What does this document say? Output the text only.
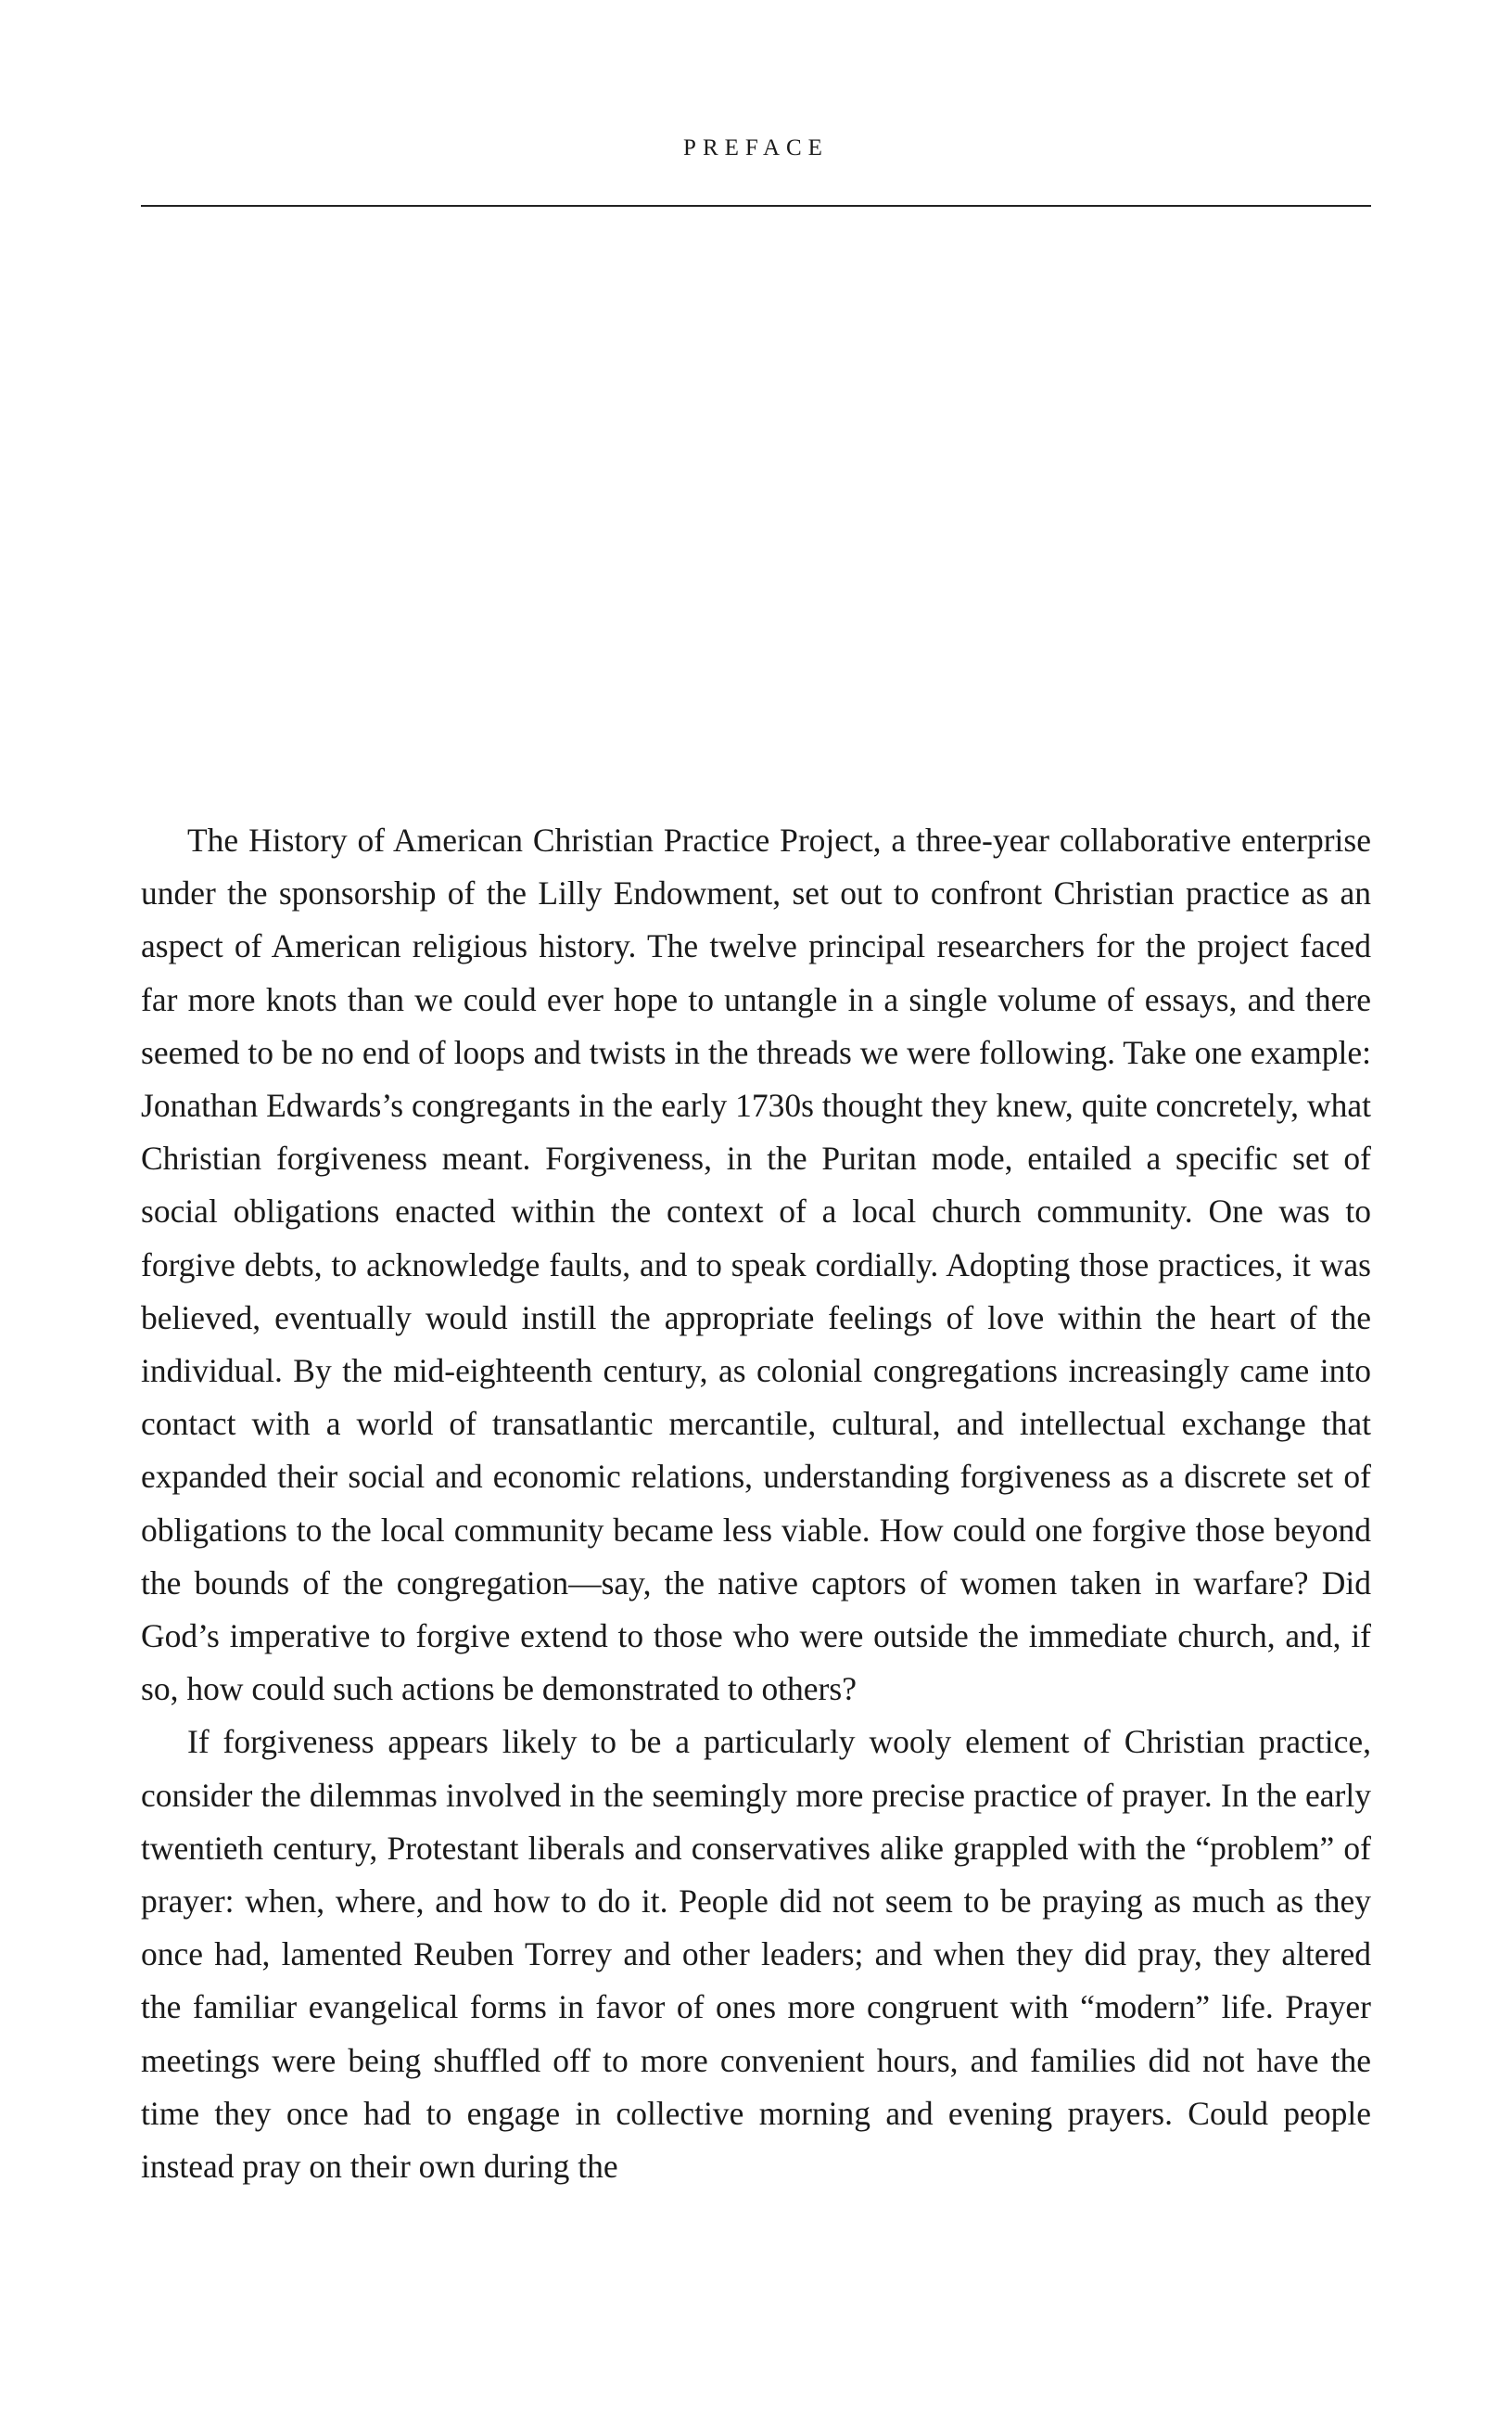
PREFACE

The History of American Christian Practice Project, a three-year collaborative enterprise under the sponsorship of the Lilly Endowment, set out to confront Christian practice as an aspect of American religious history. The twelve principal researchers for the project faced far more knots than we could ever hope to untangle in a single volume of essays, and there seemed to be no end of loops and twists in the threads we were following. Take one example: Jonathan Edwards’s congregants in the early 1730s thought they knew, quite concretely, what Christian forgiveness meant. Forgiveness, in the Puritan mode, entailed a specific set of social obligations enacted within the context of a local church community. One was to forgive debts, to acknowledge faults, and to speak cordially. Adopting those practices, it was believed, eventually would instill the appropriate feelings of love within the heart of the individual. By the mid-eighteenth century, as colonial congregations increasingly came into contact with a world of transatlantic mercantile, cultural, and intellectual exchange that expanded their social and economic relations, understanding forgiveness as a discrete set of obligations to the local community became less viable. How could one forgive those beyond the bounds of the congregation—say, the native captors of women taken in warfare? Did God’s imperative to forgive extend to those who were outside the immediate church, and, if so, how could such actions be demonstrated to others?

If forgiveness appears likely to be a particularly wooly element of Christian practice, consider the dilemmas involved in the seemingly more precise practice of prayer. In the early twentieth century, Protestant liberals and conservatives alike grappled with the “problem” of prayer: when, where, and how to do it. People did not seem to be praying as much as they once had, lamented Reuben Torrey and other leaders; and when they did pray, they altered the familiar evangelical forms in favor of ones more congruent with “modern” life. Prayer meetings were being shuffled off to more convenient hours, and families did not have the time they once had to engage in collective morning and evening prayers. Could people instead pray on their own during the
